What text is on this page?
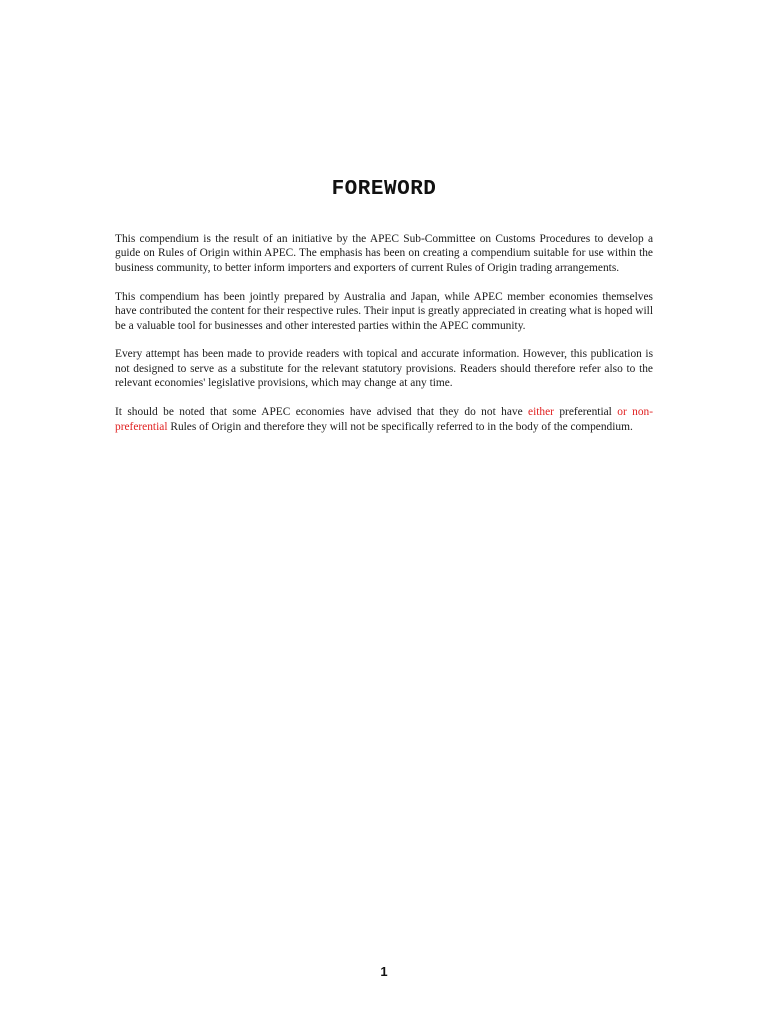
FOREWORD

This compendium is the result of an initiative by the APEC Sub-Committee on Customs Procedures to develop a guide on Rules of Origin within APEC. The emphasis has been on creating a compendium suitable for use within the business community, to better inform importers and exporters of current Rules of Origin trading arrangements.

This compendium has been jointly prepared by Australia and Japan, while APEC member economies themselves have contributed the content for their respective rules. Their input is greatly appreciated in creating what is hoped will be a valuable tool for businesses and other interested parties within the APEC community.

Every attempt has been made to provide readers with topical and accurate information. However, this publication is not designed to serve as a substitute for the relevant statutory provisions. Readers should therefore refer also to the relevant economies' legislative provisions, which may change at any time.

It should be noted that some APEC economies have advised that they do not have either preferential or non-preferential Rules of Origin and therefore they will not be specifically referred to in the body of the compendium.

1
